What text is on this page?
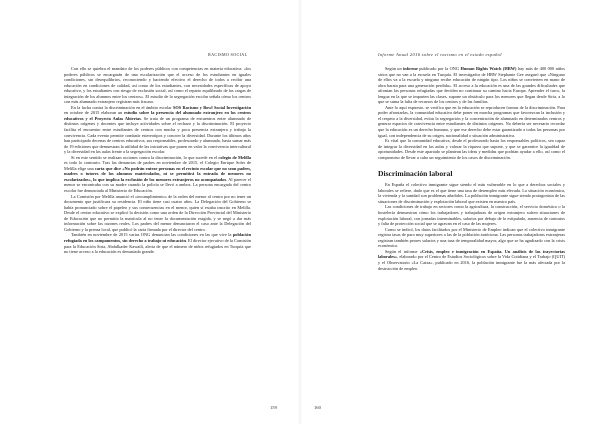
RACISMO SOCIAL

Con ello se quiebra el mandato de los poderes públicos con competencias en materia educativa: «los poderes públicos se encargarán de una escolarización que el acceso de los estudiantes en iguales condiciones, sin desequilibrios, reconociendo y haciendo efectivo el derecho de todos a recibir una educación en condiciones de calidad, así como de los estudiantes, con necesidades específicas de apoyo educativo, y los estudiantes con riesgo de exclusión social, así como el reparto equilibrado de las cargas de integración de los alumnos entre los centros». El estudio de la segregación escolar señala cómo los centros con más alumnado extranjero registran más fracaso.

En la lucha contra la discriminación en el ámbito escolar SOS Racismo y Bowl Social Investigación en octubre de 2015 elaboran un estudio sobre la presencia del alumnado extranjero en los centros educativos y el Proyecto Aulas Abiertas. Se trata de un programa de encuentros entre alumnado de distintos orígenes y docentes que incluye actividades sobre el rechazo y la discriminación. El proyecto facilita el encuentro entre estudiantes de centros con mucha y poca presencia extranjera y trabaja la convivencia. Cada evento permite combatir estereotipos y conocer la diversidad. Durante los últimos años han participado decenas de centros educativos, sus responsables, profesorado y alumnado, hasta sumar más de 19 ediciones que demuestran la utilidad de las iniciativas que ponen en valor la convivencia intercultural y la diversidad en las aulas frente a la segregación escolar.

Si en este sentido se realizan acciones contra la discriminación, lo que sucede en el colegio de Melilla es todo lo contrario. Tras las denuncias de padres en noviembre de 2015, el Colegio Enrique Soler de Melilla elige una carta que dice «No podrán entrar personas en el recinto escolar que no sean padres, madres o tutores de los alumnos matriculados, ni se permitirá la entrada de menores no escolarizados», lo que implica la exclusión de los menores extranjeros no acompañados. Al parecer el menor se encontraba con su madre cuando la policía se llevó a ambos. La persona encargada del centro escolar fue denunciada al Ministerio de Educación.

La Comisión por Melilla anunció el «incumplimiento» de la orden del menor al centro por no tener un documento que justificara su residencia. El niño tiene casi cuatro años. La Delegación del Gobierno se había pronunciado sobre el papeleo y sus consecuencias en el menor, quien sí estaba inscrito en Melilla. Desde el centro educativo se explicó la decisión como una orden de la Dirección Provincial del Ministerio de Educación que no permitía la matrícula al no tener la documentación exigida, y se negó a dar más información sobre las razones reales. Los padres del menor denunciaron el caso ante la Delegación del Gobierno y la prensa local, que publicó la carta firmada por el director del centro.

También en noviembre de 2015 varias ONG denuncian las condiciones en las que vive la población refugiada en los campamentos, sin derecho a trabajo ni educación. El director ejecutivo de la Comisión para la Educación Siria, Abdulkader Kawatli, alerta de que el número de niños refugiados en Turquía que no tiene acceso a la educación es demasiado grande.

159
Informe Anual 2016 sobre el racismo en el estado español

Según un informe publicado por la ONG Human Rights Watch (HRW) hay más de 400 000 niños sirios que no van a la escuela en Turquía. El investigador de HRW Stephanie Gee aseguró que «Ninguno de ellos va a la escuela y ninguno recibe educación de ningún tipo. Los niños se convierten en mano de obra barata para una generación perdida». El acceso a la educación es una de las grandes dificultades que afrontan las personas refugiadas que deciden no continuar su camino hacia Europa. Aprender el turco, la lengua en la que se imparten las clases, supone un obstáculo para los menores que llegan desde Siria, a lo que se suma la falta de recursos de los centros y de las familias.

Ante lo aquí expuesto, se verifica que en la educación se reproducen formas de la discriminación. Para poder afrontarlas, la comunidad educativa debe poner en marcha programas que favorezcan la inclusión y el respeto a la diversidad, evitar la segregación y la concentración de alumnado en determinados centros y generar espacios de convivencia entre estudiantes de distintos orígenes. No debería ser necesario recordar que la educación es un derecho humano, y que ese derecho debe estar garantizado a todas las personas por igual, con independencia de su origen, nacionalidad o situación administrativa.

Es vital que la comunidad educativa, desde el profesorado hasta los responsables políticos, sea capaz de integrar la diversidad en las aulas y valorar la riqueza que supone, y que se garantice la igualdad de oportunidades. Desde este apartado se plantean las ideas y medidas que podrían ayudar a ello, así como el compromiso de llevar a cabo un seguimiento de los casos de discriminación.

Discriminación laboral

En España el colectivo inmigrante sigue siendo el más vulnerable en lo que a derechos sociales y laborales se refiere, dado que es el que tiene una tasa de desempleo más elevada. La situación económica, la vivienda y la sanidad son problemas añadidos. La población inmigrante sigue siendo protagonista de las situaciones de discriminación y explotación laboral que existen en nuestro país.

Las condiciones de trabajo en sectores como la agricultura, la construcción, el servicio doméstico o la hostelería demuestran cómo los trabajadores y trabajadoras de origen extranjero sufren situaciones de explotación laboral, con jornadas interminables, salarios por debajo de lo estipulado, ausencia de contratos y falta de protección social que se agravan en el caso de las mujeres.

Como se indicó, los datos facilitados por el Ministerio de Empleo indican que el colectivo inmigrante registra tasas de paro muy superiores a las de la población autóctona. Las personas trabajadoras extranjeras registran también peores salarios y una tasa de temporalidad mayor, algo que se ha agudizado con la crisis económica.

Según el informe «Crisis, empleo e inmigración en España. Un análisis de las trayectorias laborales», elaborado por el Centro de Estudios Sociológicos sobre la Vida Cotidiana y el Trabajo (QUIT) y el Observatorio «La Caixa», publicado en 2016, la población inmigrante fue la más afectada por la destrucción de empleo.

160
